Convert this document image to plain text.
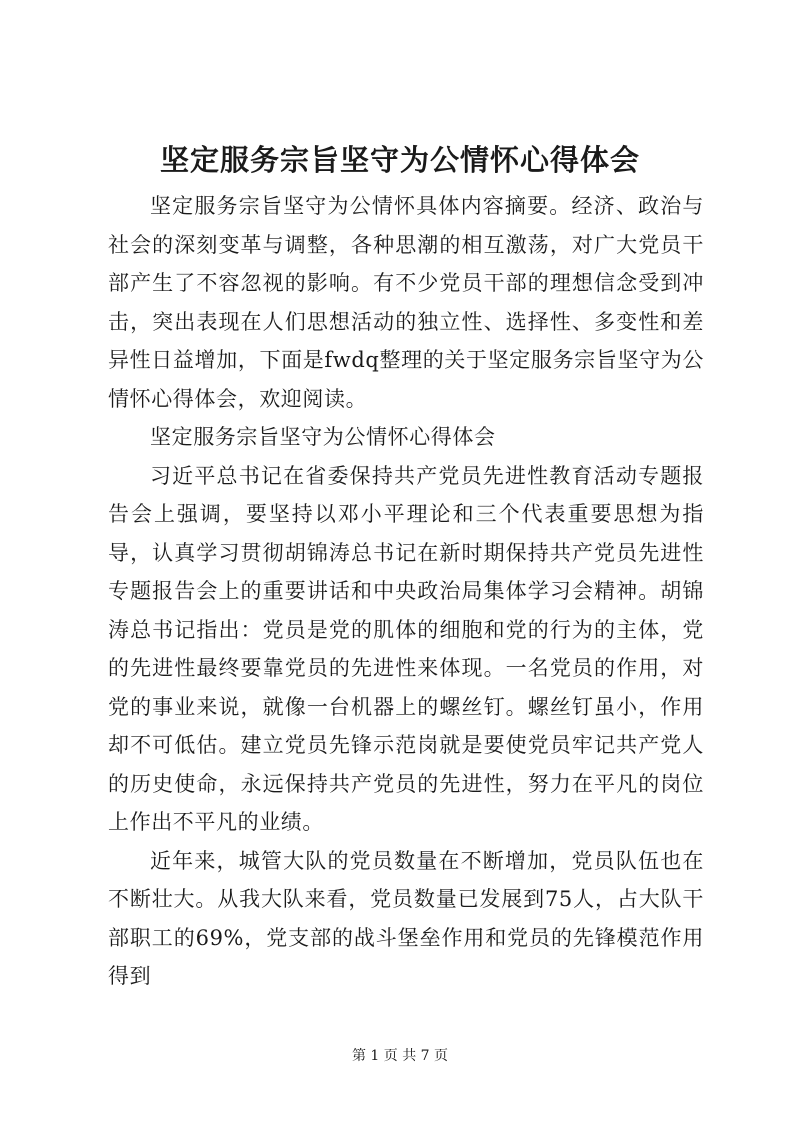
坚定服务宗旨坚守为公情怀心得体会

坚定服务宗旨坚守为公情怀具体内容摘要。经济、政治与社会的深刻变革与调整，各种思潮的相互激荡，对广大党员干部产生了不容忽视的影响。有不少党员干部的理想信念受到冲击，突出表现在人们思想活动的独立性、选择性、多变性和差异性日益增加，下面是fwdq整理的关于坚定服务宗旨坚守为公情怀心得体会，欢迎阅读。

坚定服务宗旨坚守为公情怀心得体会

习近平总书记在省委保持共产党员先进性教育活动专题报告会上强调，要坚持以邓小平理论和三个代表重要思想为指导，认真学习贯彻胡锦涛总书记在新时期保持共产党员先进性专题报告会上的重要讲话和中央政治局集体学习会精神。胡锦涛总书记指出：党员是党的肌体的细胞和党的行为的主体，党的先进性最终要靠党员的先进性来体现。一名党员的作用，对党的事业来说，就像一台机器上的螺丝钉。螺丝钉虽小，作用却不可低估。建立党员先锋示范岗就是要使党员牢记共产党人的历史使命，永远保持共产党员的先进性，努力在平凡的岗位上作出不平凡的业绩。

近年来，城管大队的党员数量在不断增加，党员队伍也在不断壮大。从我大队来看，党员数量已发展到75人，占大队干部职工的69%，党支部的战斗堡垒作用和党员的先锋模范作用得到

第 1 页 共 7 页
